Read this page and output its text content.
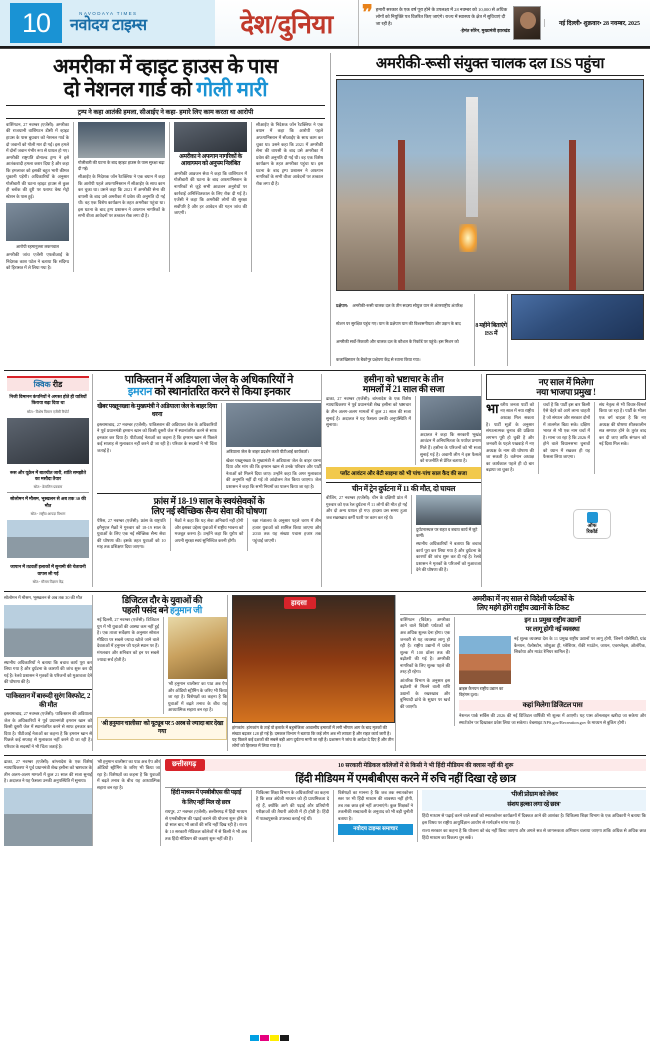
10	NAVODAYA TIMES
नवोदय टाइम्स	देश/दुनिया ❞ हमारी सरकार के एक वर्ष पूरा होने के उपलक्ष्य में 28 नवम्बर को 10,000 से अधिक लोगों को नियुक्ति पत्र वितरित किए जाएंगे। राज्य में स्वास्थ्य के क्षेत्र में सुविधाएं दी जा रही है।
-हेमंत सोरेन, मुख्यमंत्री झारखंड
नई दिल्ली• शुक्रवार• 28 नवम्बर, 2025
अमरीका में व्हाइट हाउस के पास
दो नेशनल गार्ड को गोली मारी
ट्रम्प ने कहा आतंकी हमला, सीआईए ने कहा- हमारे लिए काम करता था आरोपी
वाशिंगटन, 27 नवम्बर (एजेंसी): अमरीका की राजधानी वाशिंगटन डीसी में व्हाइट हाउस के पास बुधवार को नेशनल गार्ड के दो जवानों को गोली मार दी गई। इस हमले में दोनों जवान गंभीर रूप से घायल हो गए। अमरीकी राष्ट्रपति डोनाल्ड ट्रम्प ने इसे आतंकवादी हमला करार दिया है और कहा कि हमलावर को इसकी बहुत भारी कीमत चुकानी पड़ेगी। अधिकारियों के अनुसार गोलीबारी की घटना व्हाइट हाउस से कुछ ही ब्लॉक की दूरी पर फराग्ट वेस्ट मेट्रो स्टेशन के पास हुई।
आरोपी रहमानुल्ला लकनवाल
अमरीकी जांच एजेंसी एफबीआई के निदेशक काश पटेल ने बताया कि संदिग्ध को हिरासत में ले लिया गया है।
गोलीबारी की घटना के बाद व्हाइट हाउस के पास सुरक्षा बढ़ा दी गई।
सीआईए के निदेशक जॉन रैटक्लिफ ने एक बयान में कहा कि आरोपी पहले अफगानिस्तान में सीआईए के साथ काम कर चुका था। उसने कहा कि 2021 में अमरीकी सेना की वापसी के बाद उसे अमरीका में प्रवेश की अनुमति दी गई थी। वह एक विशेष कार्यक्रम के तहत अमरीका पहुंचा था। इस घटना के बाद ट्रम्प प्रशासन ने अफगान नागरिकों के सभी वीजा आवेदनों पर तत्काल रोक लगा दी है।
अमरीका ने अफगान नागरिकों के आवागमन को अनुपम निलंबित
अमरीकी आव्रजन सेवा ने कहा कि वाशिंगटन में गोलीबारी की घटना के बाद अफगानिस्तान के नागरिकों से जुड़े सभी आव्रजन अनुरोधों पर कार्रवाई अनिश्चितकाल के लिए रोक दी गई है। एजेंसी ने कहा कि अमरीकी लोगों की सुरक्षा सर्वोपरि है और हर आवेदन की गहन जांच की जाएगी।
सीआईए के निदेशक जॉन रैटक्लिफ ने एक बयान में कहा कि आरोपी पहले अफगानिस्तान में सीआईए के साथ काम कर चुका था। उसने कहा कि 2021 में अमरीकी सेना की वापसी के बाद उसे अमरीका में प्रवेश की अनुमति दी गई थी। वह एक विशेष कार्यक्रम के तहत अमरीका पहुंचा था। इस घटना के बाद ट्रम्प प्रशासन ने अफगान नागरिकों के सभी वीजा आवेदनों पर तत्काल रोक लगा दी है।
अमरीकी-रूसी संयुक्त चालक दल ISS पहुंचा
प्रक्षेपण: अमरीकी-रूसी चालक दल के तीन सदस्य सोयुज यान से अंतरराष्ट्रीय अंतरिक्ष स्टेशन पर सुरक्षित पहुंच गए। यान के प्रक्षेपण यान की विश्वसनीयता और उड़ान के बाद अमरीकी सर्वो-रिकवरी और चालक दल के कौशल के रिकॉर्ड पर पहुंचे। इस मिशन को कजाखिस्तान के बैकोनूर प्रक्षेपण केंद्र से रवाना किया गया।
8 महीने बिताएंगे ISS में
क्विक रीड
निजी विमानन कंपनियों ने अगस्त होते ही यात्रियों किराया बढ़ा दिया था
स्रोत:- विशेष विमान एजेंसी रिपोर्ट
रूस और यूक्रेन में बातचीत जारी, शांति समझौते का मसौदा तैयार
स्रोत:- क्रेमलिन प्रवक्ता
सोलोमन में मौसम, भूस्खलन से अब तक 30 की मौत
स्रोत:- राष्ट्रीय आपदा विभाग
जापान में तटवर्ती इलाकों में सुनामी की चेतावनी वापस ली गई
स्रोत:- मौसम विज्ञान केंद्र
पाकिस्तान में अडियाला जेल के अधिकारियों ने
इमरान को स्थानांतरित करने से किया इनकार
खैबर पख्तूनख्वा के मुख्यमंत्री ने अडियाला जेल के बाहर दिया धरना
इस्लामाबाद, 27 नवम्बर (एजेंसी): पाकिस्तान की अडियाला जेल के अधिकारियों ने पूर्व प्रधानमंत्री इमरान खान को किसी दूसरी जेल में स्थानांतरित करने से साफ इनकार कर दिया है। पीटीआई नेताओं का कहना है कि इमरान खान से पिछले कई सप्ताह से मुलाकात नहीं करने दी जा रही है। परिवार के सदस्यों ने भी चिंता जताई है।	अडियाला जेल के बाहर प्रदर्शन करते पीटीआई कार्यकर्ता।
खैबर पख्तूनख्वा के मुख्यमंत्री ने अडियाला जेल के बाहर धरना दिया और मांग की कि इमरान खान से उनके परिवार और पार्टी नेताओं को मिलने दिया जाए। उन्होंने कहा कि अगर मुलाकात की अनुमति नहीं दी गई तो आंदोलन तेज किया जाएगा। जेल प्रशासन ने कहा कि सभी नियमों का पालन किया जा रहा है।
फ्रांस में 18-19 साल के स्वयंसेवकों के
लिए नई स्वैच्छिक सैन्य सेवा की घोषणा
पेरिस, 27 नवम्बर (एजेंसी): फ्रांस के राष्ट्रपति इमैनुएल मैक्रों ने गुरुवार को 18-19 साल के युवाओं के लिए एक नई स्वैच्छिक सैन्य सेवा की घोषणा की। इसके तहत युवाओं को 10 माह तक प्रशिक्षण दिया जाएगा।
मैक्रों ने कहा कि यह सेवा अनिवार्य नहीं होगी और इसका उद्देश्य युवाओं में राष्ट्रीय भावना को मजबूत करना है। उन्होंने कहा कि यूरोप को अपनी सुरक्षा स्वयं सुनिश्चित करनी होगी।
रक्षा मंत्रालय के अनुसार पहले चरण में तीन हजार युवाओं को शामिल किया जाएगा और 2030 तक यह संख्या पचास हजार तक पहुंचाई जाएगी।
हसीना को भ्रष्टाचार के तीन
मामलों में 21 साल की सजा
ढाका, 27 नवम्बर (एजेंसी): बांग्लादेश के एक विशेष न्यायाधिकरण ने पूर्व प्रधानमंत्री शेख हसीना को भ्रष्टाचार के तीन अलग-अलग मामलों में कुल 21 साल की सजा सुनाई है। अदालत ने यह फैसला उनकी अनुपस्थिति में सुनाया।
अदालत ने कहा कि सरकारी भूखंड आवंटन में अनियमितता के पर्याप्त प्रमाण मिले हैं। हसीना के परिजनों को भी सजा सुनाई गई है। अवामी लीग ने इस फैसले को राजनीति से प्रेरित बताया है।
प्लॉट आवंटन और बेटी साइमा को भी पांच-पांच साल कैद की सजा
चीन में ट्रेन दुर्घटना में 11 की मौत, दो घायल
बीजिंग, 27 नवम्बर (एजेंसी): चीन के दक्षिणी प्रांत में गुरुवार को एक रेल दुर्घटना में 11 लोगों की मौत हो गई और दो अन्य घायल हो गए। हादसा उस समय हुआ जब रखरखाव कर्मी पटरी पर काम कर रहे थे।
दुर्घटनास्थल पर राहत व बचाव कार्य में जुटे कर्मी।
स्थानीय अधिकारियों ने बताया कि बचाव कार्य पूरा कर लिया गया है और दुर्घटना के कारणों की जांच शुरू कर दी गई है। रेलवे प्रशासन ने मृतकों के परिजनों को मुआवजा देने की घोषणा की है।
नए साल में मिलेगा
नया भाजपा प्रमुख !
भा रतीय जनता पार्टी को नए साल में नया राष्ट्रीय अध्यक्ष मिल सकता है। पार्टी सूत्रों के अनुसार संगठनात्मक चुनाव की प्रक्रिया लगभग पूरी हो चुकी है और जनवरी के पहले पखवाड़े में नए अध्यक्ष के नाम की घोषणा की जा सकती है। वर्तमान अध्यक्ष का कार्यकाल पहले ही दो बार बढ़ाया जा चुका है।
चर्चा है कि पार्टी इस बार किसी ऐसे चेहरे को आगे लाना चाहती है जो संगठन और सरकार दोनों में तालमेल बिठा सके। दक्षिण भारत से भी एक नाम चर्चा में है। माना जा रहा है कि 2026 में होने वाले विधानसभा चुनावों को ध्यान में रखकर ही यह फैसला लिया जाएगा।
संघ नेतृत्व से भी विचार-विमर्श किया जा रहा है। पार्टी के भीतर एक वर्ग चाहता है कि नए अध्यक्ष की घोषणा शीतकालीन सत्र समाप्त होने के तुरंत बाद कर दी जाए ताकि संगठन को नई दिशा मिल सके।
ऑफ
रिकॉर्ड
सोलोमन में मौसम, भूस्खलन से अब तक 30 की मौत
स्थानीय अधिकारियों ने बताया कि बचाव कार्य पूरा कर लिया गया है और दुर्घटना के कारणों की जांच शुरू कर दी गई है। रेलवे प्रशासन ने मृतकों के परिजनों को मुआवजा देने की घोषणा की है।
पाकिस्तान में बारूदी सुरंग विस्फोट, 2 की मौत
इस्लामाबाद, 27 नवम्बर (एजेंसी): पाकिस्तान की अडियाला जेल के अधिकारियों ने पूर्व प्रधानमंत्री इमरान खान को किसी दूसरी जेल में स्थानांतरित करने से साफ इनकार कर दिया है। पीटीआई नेताओं का कहना है कि इमरान खान से पिछले कई सप्ताह से मुलाकात नहीं करने दी जा रही है। परिवार के सदस्यों ने भी चिंता जताई है।
डिजिटल दौर के युवाओं की
पहली पसंद बने हनुमान जी
नई दिल्ली, 27 नवम्बर (एजेंसी): डिजिटल युग में भी युवाओं की आस्था कम नहीं हुई है। एक ताजा सर्वेक्षण के अनुसार सोशल मीडिया पर सबसे ज्यादा खोजे जाने वाले देवताओं में हनुमान जी पहले स्थान पर हैं। मंगलवार और शनिवार को इन पर सबसे ज्यादा सर्च होती है।
'श्री हनुमान चालीसा' का पाठ अब ऐप और ऑडियो स्ट्रीमिंग के जरिए भी किया जा रहा है। विशेषज्ञों का कहना है कि युवाओं में बढ़ते तनाव के बीच यह आध्यात्मिक सहारा बन रहा है।
'श्री हनुमान चालीसा' को यूट्यूब पर 5 अरब से ज्यादा बार देखा गया
हादसा
हांगकांग: हांगकांग के ताई पो इलाके में बहुमंजिला आवासीय इमारतों में लगी भीषण आग के बाद मृतकों की संख्या बढ़कर 128 हो गई है। दमकल विभाग ने बताया कि कई लोग अब भी लापता हैं और राहत कार्य जारी है। यह पिछले कई दशकों की सबसे बड़ी आग दुर्घटना मानी जा रही है। प्रशासन ने जांच के आदेश दे दिए हैं और तीन लोगों को हिरासत में लिया गया है।
अमरीका में नए साल से विदेशी पर्यटकों के
लिए महंगे होंगे राष्ट्रीय उद्यानों के टिकट
वाशिंगटन (विदेश): अमरीका आने वाले विदेशी पर्यटकों को अब अधिक शुल्क देना होगा। एक जनवरी से यह व्यवस्था लागू हो रही है। राष्ट्रीय उद्यानों में प्रवेश शुल्क में 100 डॉलर तक की बढ़ोतरी की गई है। अमरीकी नागरिकों के लिए शुल्क पहले की तरह ही रहेगा।
आंतरिक विभाग के अनुसार इस बढ़ोतरी से मिलने वाली राशि उद्यानों के रखरखाव और बुनियादी ढांचे के सुधार पर खर्च की जाएगी।
इन 11 प्रमुख राष्ट्रीय उद्यानों
पर लागू होगी नई व्यवस्था
ब्राइस कैनयन राष्ट्रीय उद्यान का विहंगम दृश्य।
नई शुल्क व्यवस्था देश के 11 प्रमुख राष्ट्रीय उद्यानों पर लागू होगी, जिनमें योसेमिटी, ग्रांड कैनयन, येलोस्टोन, जोशुआ ट्री, ग्लेशियर, रॉकी माउंटेन, जायन, एवरग्लेड्स, ओलंपिक, सिकोया और माउंट रेनियर शामिल हैं।
कहां मिलेगा डिजिटल पास
नेशनल पार्क सर्विस की 2026 की नई डिजिटल वार्षिकी भी शुल्क में आएगी। यह पास ऑनलाइन खरीदा जा सकेगा और स्मार्टफोन पर दिखाकर प्रवेश लिया जा सकेगा। वेबसाइट NPS.gov/Recreation.gov के माध्यम से बुकिंग होगी।
ढाका, 27 नवम्बर (एजेंसी): बांग्लादेश के एक विशेष न्यायाधिकरण ने पूर्व प्रधानमंत्री शेख हसीना को भ्रष्टाचार के तीन अलग-अलग मामलों में कुल 21 साल की सजा सुनाई है। अदालत ने यह फैसला उनकी अनुपस्थिति में सुनाया।
'श्री हनुमान चालीसा' का पाठ अब ऐप और ऑडियो स्ट्रीमिंग के जरिए भी किया जा रहा है। विशेषज्ञों का कहना है कि युवाओं में बढ़ते तनाव के बीच यह आध्यात्मिक सहारा बन रहा है।
छत्तीसगढ़	10 सरकारी मेडिकल कॉलेजों में से किसी ने भी हिंदी मीडियम की क्लास नहीं की शुरू
हिंदी मीडियम में एमबीबीएस करने में रुचि नहीं दिखा रहे छात्र
हिंदी माध्यम में एमबीबीएस की पढ़ाई
के लिए नहीं मिल रहे छात्र
रायपुर, 27 नवम्बर (एजेंसी): छत्तीसगढ़ में हिंदी माध्यम से एमबीबीएस की पढ़ाई कराने की योजना शुरू होने के दो साल बाद भी छात्रों की रुचि नहीं दिख रही है। राज्य के 10 सरकारी मेडिकल कॉलेजों में से किसी ने भी अब तक हिंदी मीडियम की कक्षाएं शुरू नहीं की हैं।
चिकित्सा शिक्षा विभाग के अधिकारियों का कहना है कि छात्र अंग्रेजी माध्यम को ही प्राथमिकता दे रहे हैं, क्योंकि आगे की पढ़ाई और प्रतियोगी परीक्षाओं की तैयारी अंग्रेजी में ही होती है। हिंदी में पाठ्यपुस्तकें उपलब्ध कराई गई थीं।
विशेषज्ञों का मानना है कि जब तक स्नातकोत्तर स्तर पर भी हिंदी माध्यम की व्यवस्था नहीं होगी, तब तक छात्र इसे नहीं अपनाएंगे। कुछ शिक्षकों ने तकनीकी शब्दावली के अनुवाद को भी बड़ी चुनौती बताया है।
नवोदय टाइम्स समाचार
'पीजी प्रोग्राम को लेकर
संशय हल्का लगा रहे छात्र'
हिंदी माध्यम से पढ़ाई करने वाले छात्रों को स्नातकोत्तर कार्यक्रमों में दिक्कत आने की आशंका है। चिकित्सा शिक्षा विभाग के एक अधिकारी ने बताया कि इस विषय पर राष्ट्रीय आयुर्विज्ञान आयोग से मार्गदर्शन मांगा गया है।
राज्य सरकार का कहना है कि योजना को बंद नहीं किया जाएगा और अगले सत्र से जागरूकता अभियान चलाया जाएगा ताकि अधिक से अधिक छात्र हिंदी माध्यम का विकल्प चुन सकें।
